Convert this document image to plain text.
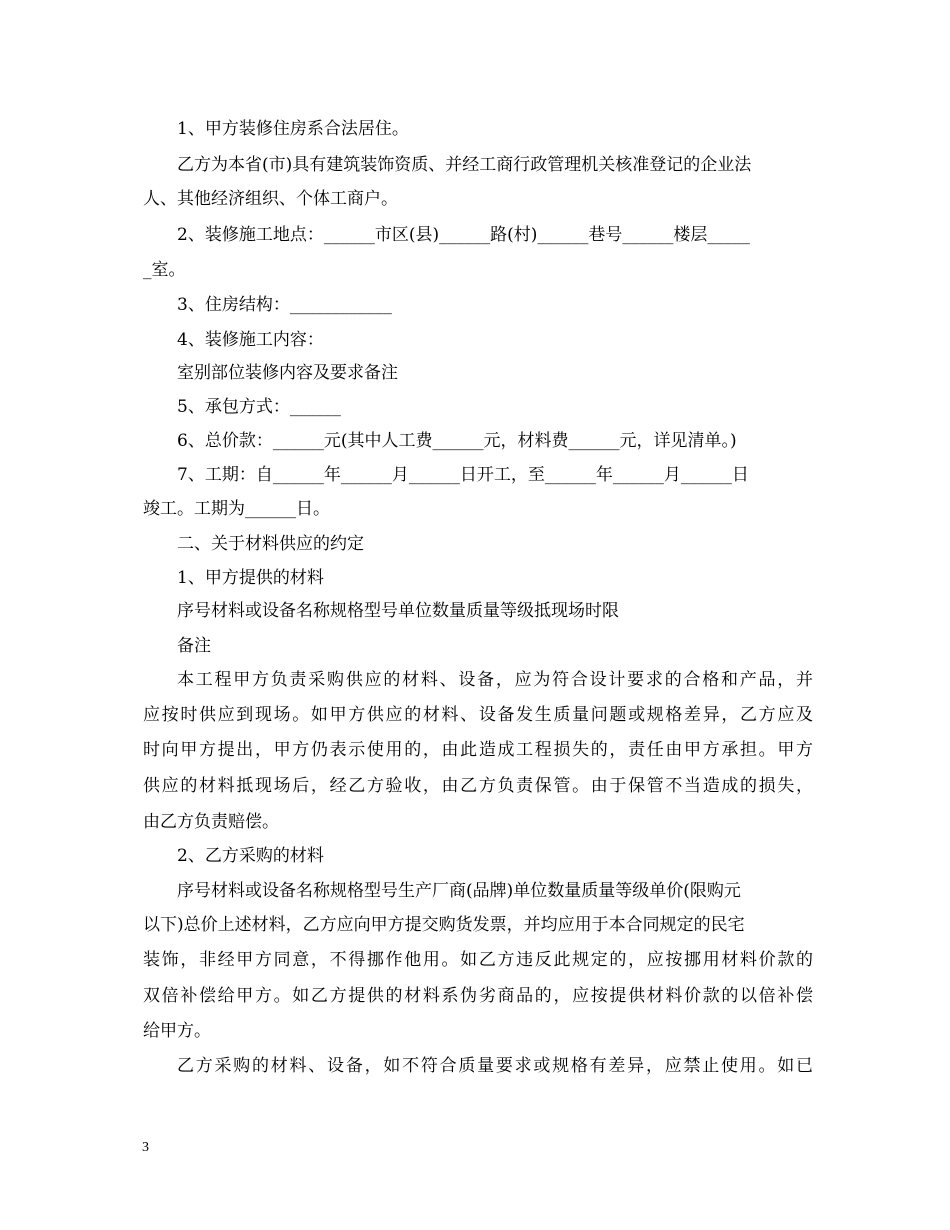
1、甲方装修住房系合法居住。
乙方为本省(市)具有建筑装饰资质、并经工商行政管理机关核准登记的企业法
人、其他经济组织、个体工商户。
2、装修施工地点：______市区(县)______路(村)______巷号______楼层_____
_室。
3、住房结构：____________
4、装修施工内容：
室别部位装修内容及要求备注
5、承包方式：______
6、总价款：______元(其中人工费______元，材料费______元，详见清单。)
7、工期：自______年______月______日开工，至______年______月______日
竣工。工期为______日。
二、关于材料供应的约定
1、甲方提供的材料
序号材料或设备名称规格型号单位数量质量等级抵现场时限
备注
本工程甲方负责采购供应的材料、设备，应为符合设计要求的合格和产品，并
应按时供应到现场。如甲方供应的材料、设备发生质量问题或规格差异，乙方应及
时向甲方提出，甲方仍表示使用的，由此造成工程损失的，责任由甲方承担。甲方
供应的材料抵现场后，经乙方验收，由乙方负责保管。由于保管不当造成的损失，
由乙方负责赔偿。
2、乙方采购的材料
序号材料或设备名称规格型号生产厂商(品牌)单位数量质量等级单价(限购元
以下)总价上述材料，乙方应向甲方提交购货发票，并均应用于本合同规定的民宅
装饰，非经甲方同意，不得挪作他用。如乙方违反此规定的，应按挪用材料价款的
双倍补偿给甲方。如乙方提供的材料系伪劣商品的，应按提供材料价款的以倍补偿
给甲方。
乙方采购的材料、设备，如不符合质量要求或规格有差异，应禁止使用。如已
3
